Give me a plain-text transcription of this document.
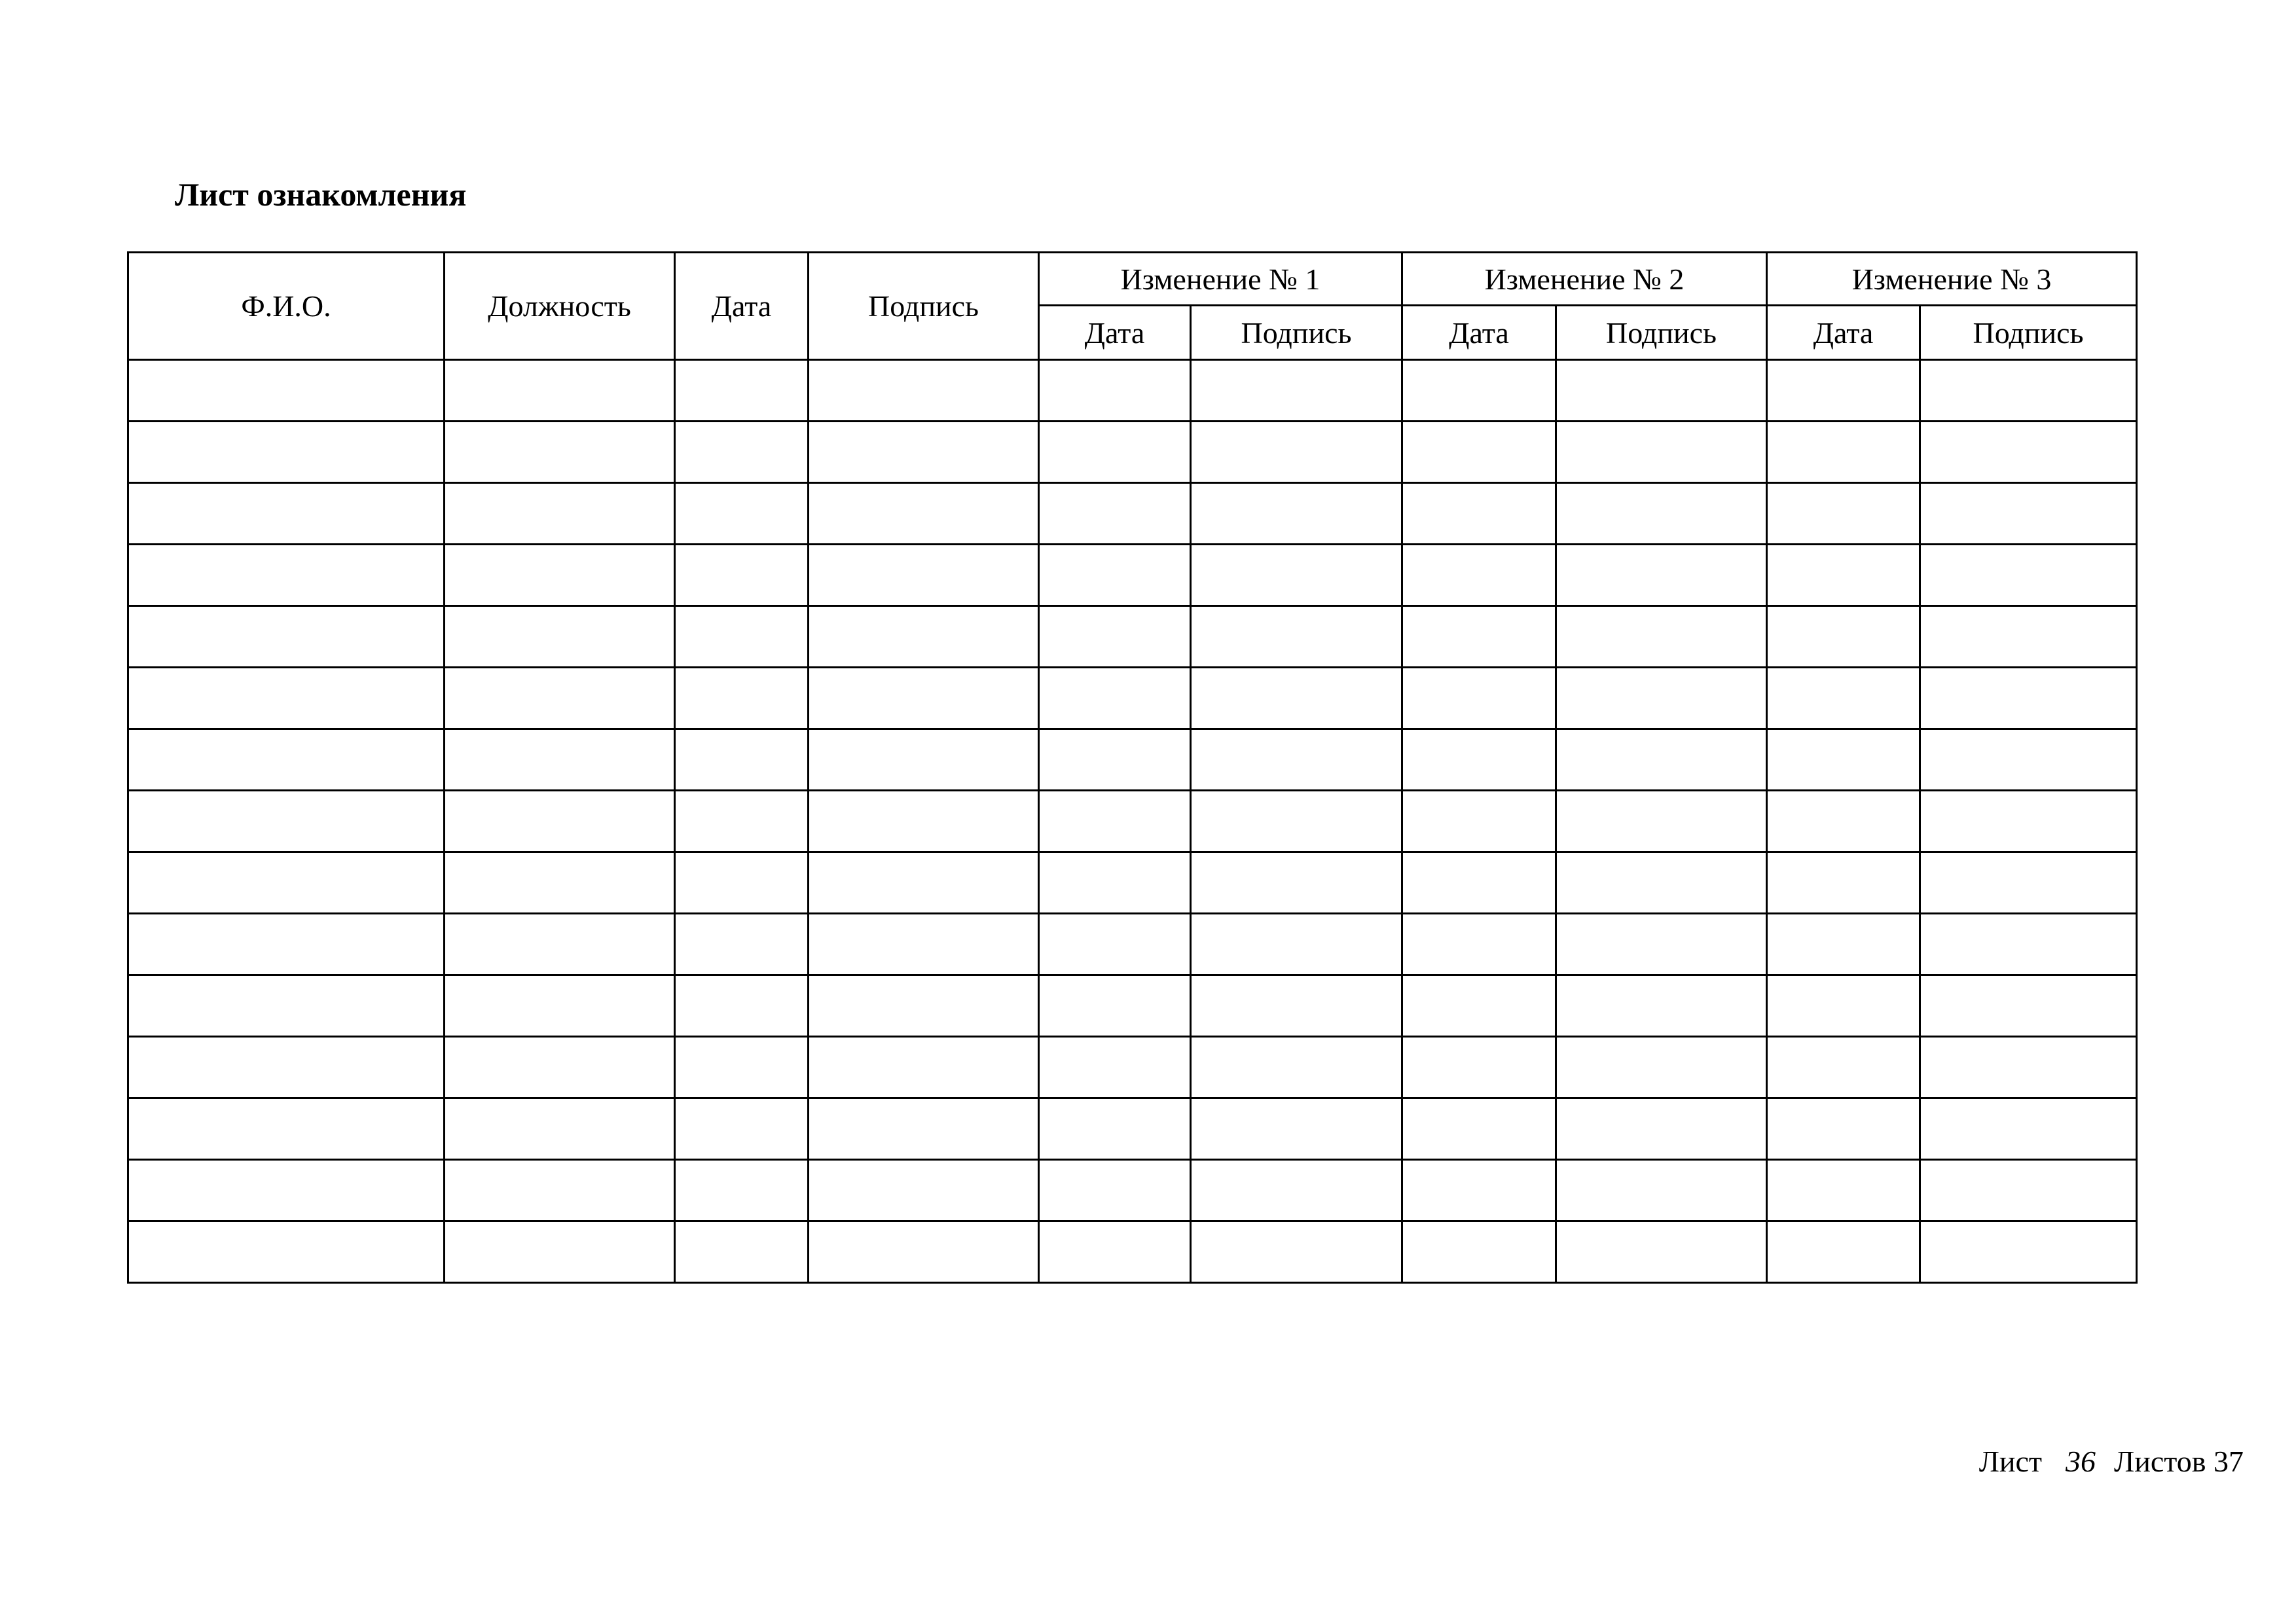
Лист ознакомления
Ф.И.О.	Должность	Дата	Подпись	Изменение № 1		Изменение № 2		Изменение № 3	
				Дата	Подпись	Дата	Подпись	Дата	Подпись

Лист 36 Листов 37
